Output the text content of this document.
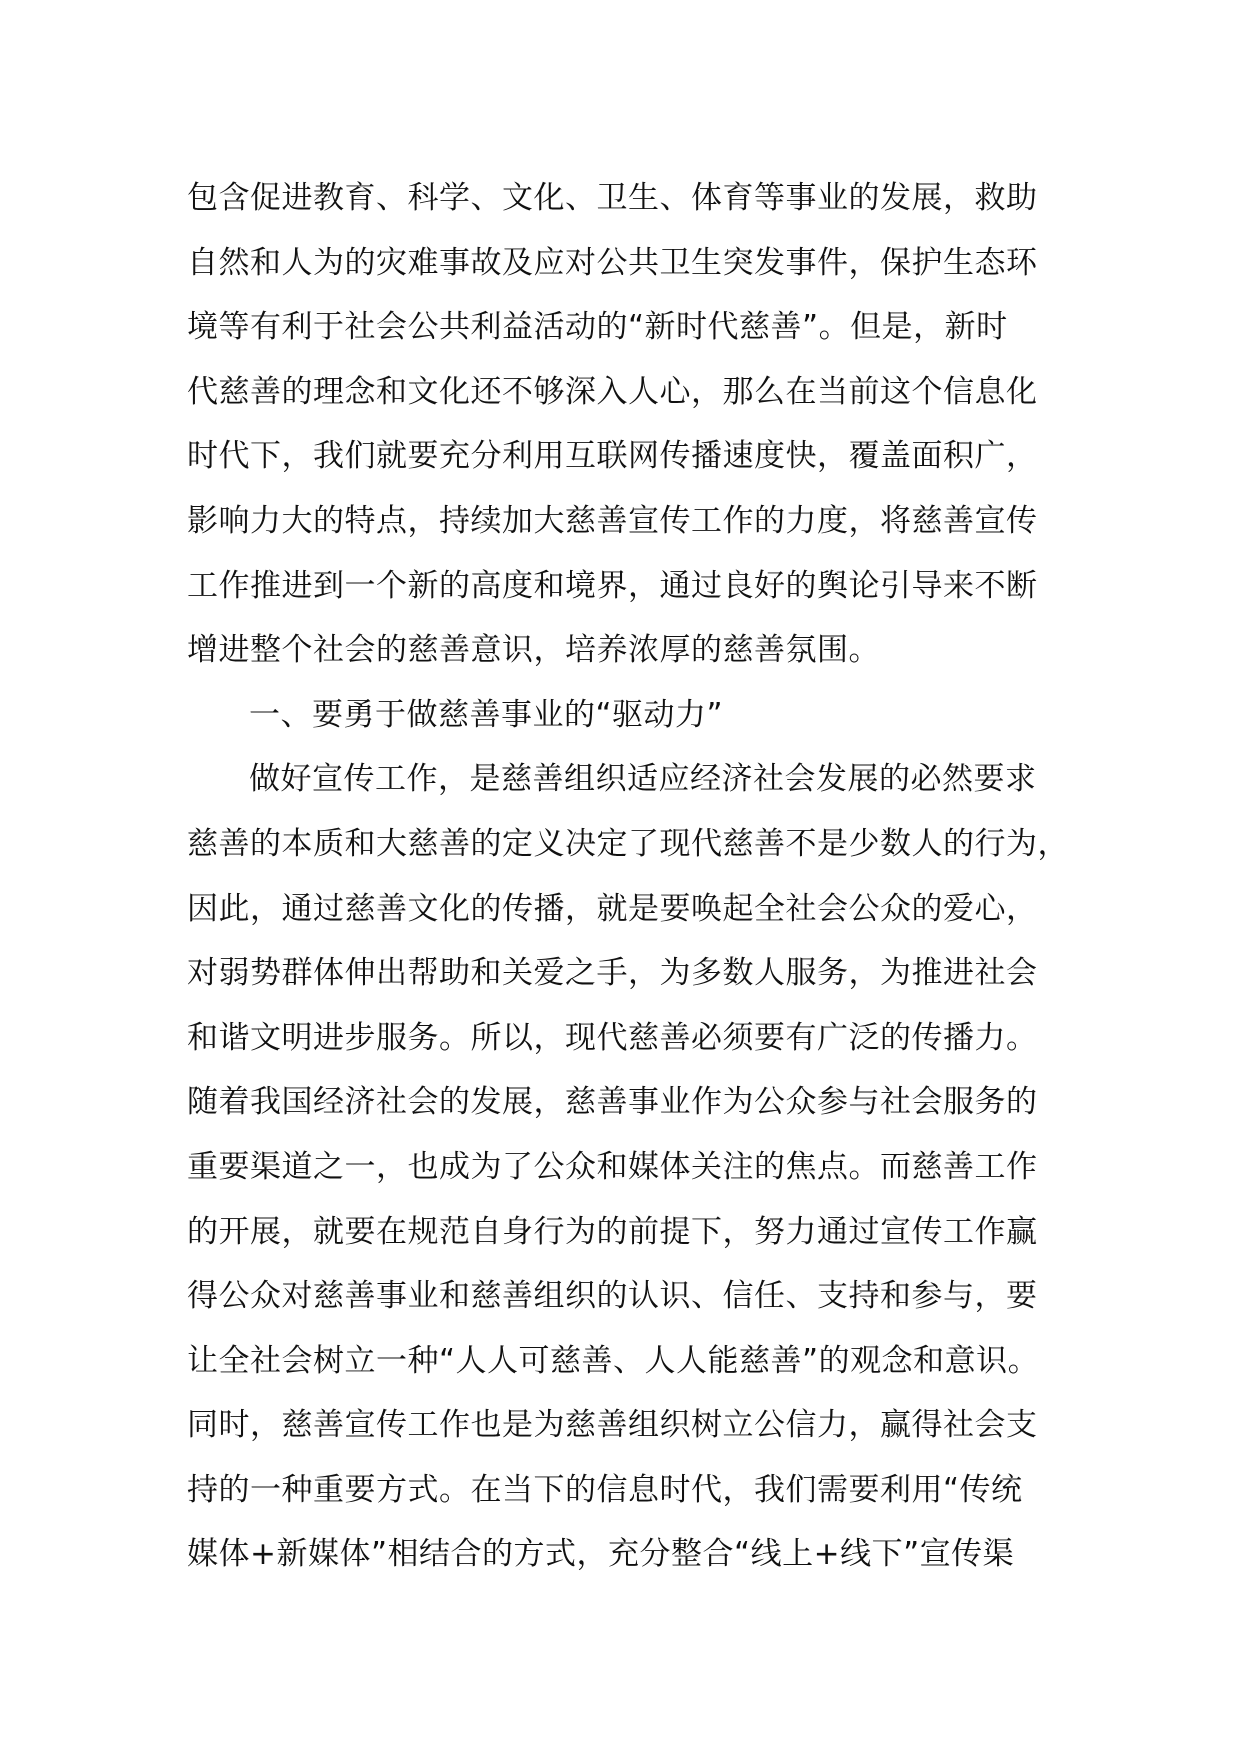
包含促进教育、科学、文化、卫生、体育等事业的发展，救助
自然和人为的灾难事故及应对公共卫生突发事件，保护生态环
境等有利于社会公共利益活动的“新时代慈善”。但是，新时
代慈善的理念和文化还不够深入人心，那么在当前这个信息化
时代下，我们就要充分利用互联网传播速度快，覆盖面积广，
影响力大的特点，持续加大慈善宣传工作的力度，将慈善宣传
工作推进到一个新的高度和境界，通过良好的舆论引导来不断
增进整个社会的慈善意识，培养浓厚的慈善氛围。
一、要勇于做慈善事业的“驱动力”
做好宣传工作，是慈善组织适应经济社会发展的必然要求
慈善的本质和大慈善的定义决定了现代慈善不是少数人的行为，
因此，通过慈善文化的传播，就是要唤起全社会公众的爱心，
对弱势群体伸出帮助和关爱之手，为多数人服务，为推进社会
和谐文明进步服务。所以，现代慈善必须要有广泛的传播力。
随着我国经济社会的发展，慈善事业作为公众参与社会服务的
重要渠道之一，也成为了公众和媒体关注的焦点。而慈善工作
的开展，就要在规范自身行为的前提下，努力通过宣传工作赢
得公众对慈善事业和慈善组织的认识、信任、支持和参与，要
让全社会树立一种“人人可慈善、人人能慈善”的观念和意识。
同时，慈善宣传工作也是为慈善组织树立公信力，赢得社会支
持的一种重要方式。在当下的信息时代，我们需要利用“传统
媒体+新媒体”相结合的方式，充分整合“线上+线下”宣传渠
